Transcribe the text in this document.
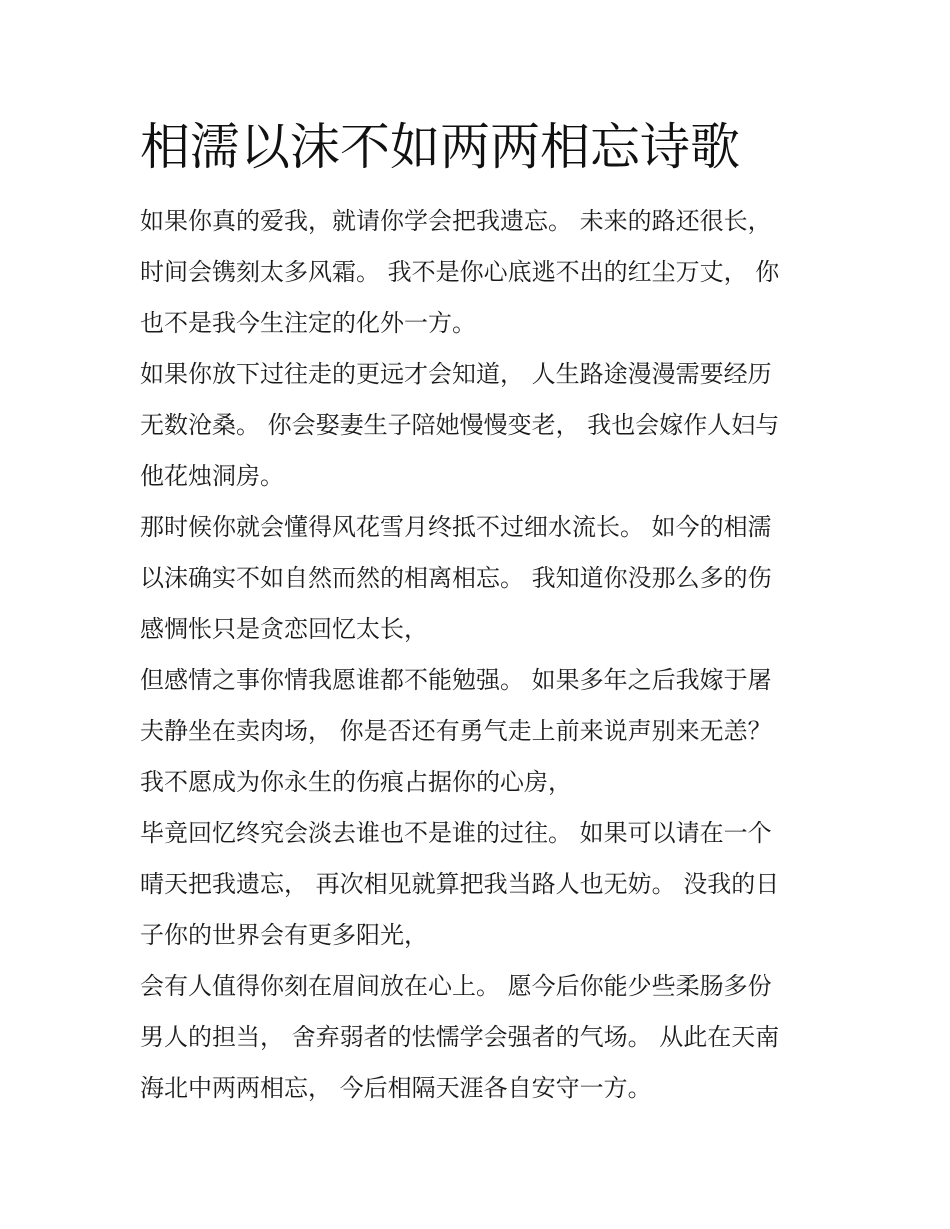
相濡以沫不如两两相忘诗歌

如果你真的爱我，就请你学会把我遗忘。 未来的路还很长，

时间会镌刻太多风霜。 我不是你心底逃不出的红尘万丈， 你

也不是我今生注定的化外一方。

如果你放下过往走的更远才会知道， 人生路途漫漫需要经历

无数沧桑。 你会娶妻生子陪她慢慢变老， 我也会嫁作人妇与

他花烛洞房。

那时候你就会懂得风花雪月终抵不过细水流长。 如今的相濡

以沫确实不如自然而然的相离相忘。 我知道你没那么多的伤

感惆怅只是贪恋回忆太长，

但感情之事你情我愿谁都不能勉强。 如果多年之后我嫁于屠

夫静坐在卖肉场， 你是否还有勇气走上前来说声别来无恙？

我不愿成为你永生的伤痕占据你的心房，

毕竟回忆终究会淡去谁也不是谁的过往。 如果可以请在一个

晴天把我遗忘， 再次相见就算把我当路人也无妨。 没我的日

子你的世界会有更多阳光，

会有人值得你刻在眉间放在心上。 愿今后你能少些柔肠多份

男人的担当， 舍弃弱者的怯懦学会强者的气场。 从此在天南

海北中两两相忘， 今后相隔天涯各自安守一方。
